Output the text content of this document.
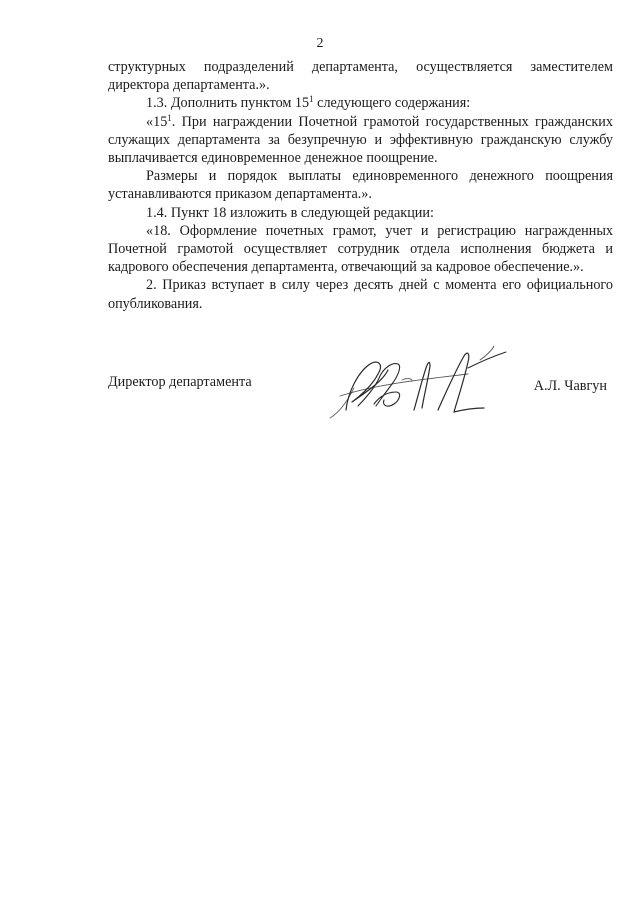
2

структурных подразделений департамента, осуществляется заместителем директора департамента.».

1.3. Дополнить пунктом $15^1$ следующего содержания:

«$15^1$. При награждении Почетной грамотой государственных гражданских служащих департамента за безупречную и эффективную гражданскую службу выплачивается единовременное денежное поощрение.

Размеры и порядок выплаты единовременного денежного поощрения устанавливаются приказом департамента.».

1.4. Пункт 18 изложить в следующей редакции:

«18. Оформление почетных грамот, учет и регистрацию награжденных Почетной грамотой осуществляет сотрудник отдела исполнения бюджета и кадрового обеспечения департамента, отвечающий за кадровое обеспечение.».

2. Приказ вступает в силу через десять дней с момента его официального опубликования.

Директор департамента	А.Л. Чавгун
